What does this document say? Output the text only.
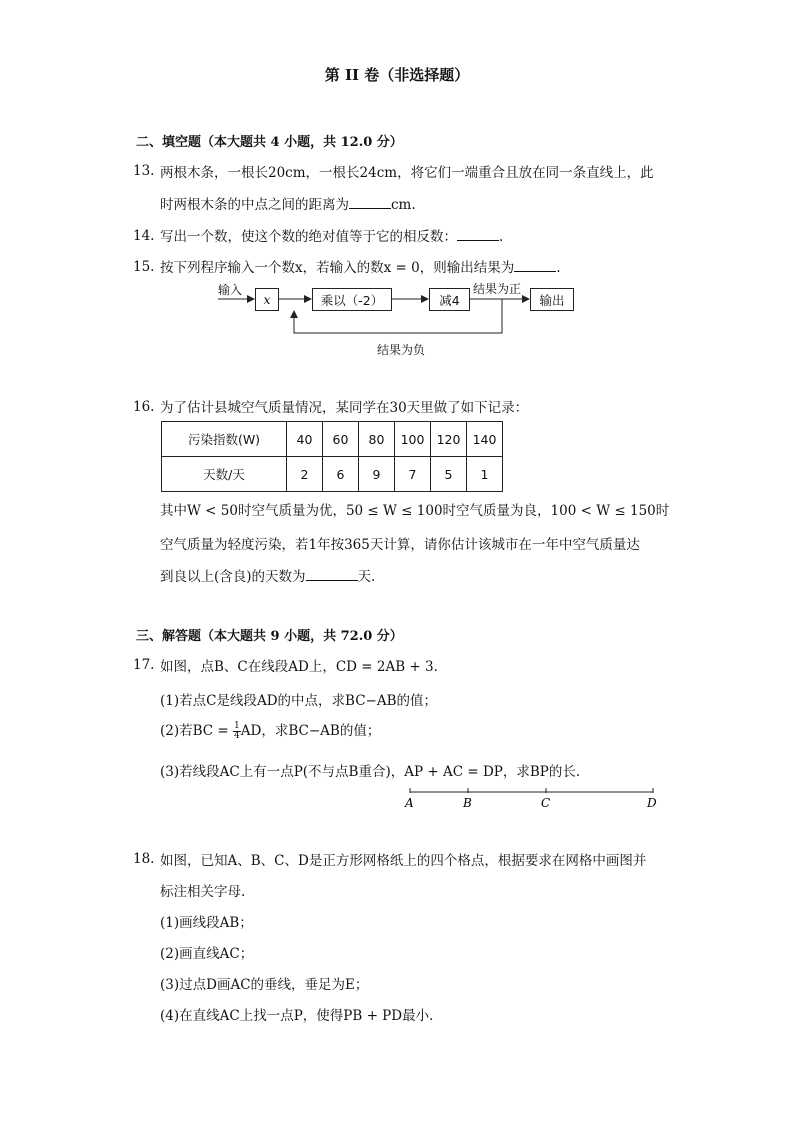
第 II 卷（非选择题）
二、填空题（本大题共 4 小题，共 12.0 分）
13. 两根木条，一根长20cm，一根长24cm，将它们一端重合且放在同一条直线上，此
时两根木条的中点之间的距离为	cm.
14. 写出一个数，使这个数的绝对值等于它的相反数：	.
15. 按下列程序输入一个数x，若输入的数x = 0，则输出结果为	.
输入
x	乘以（-2）	减4
结果为正
输出
结果为负
16. 为了估计县城空气质量情况，某同学在30天里做了如下记录：
污染指数(W)	40	60	80	100	120	140
天数/天	2	6	9	7	5	1
其中W < 50时空气质量为优，50 ≤ W ≤ 100时空气质量为良，100 < W ≤ 150时
空气质量为轻度污染，若1年按365天计算，请你估计该城市在一年中空气质量达
到良以上(含良)的天数为	天.
三、解答题（本大题共 9 小题，共 72.0 分）
17. 如图，点B、C在线段AD上，CD = 2AB + 3.
(1)若点C是线段AD的中点，求BC−AB的值；
(2)若BC = $\frac{1}{4}$ AD，求BC−AB的值；
(3)若线段AC上有一点P(不与点B重合)，AP + AC = DP，求BP的长.
A	B	C	D
18. 如图，已知A、B、C、D是正方形网格纸上的四个格点，根据要求在网格中画图并
标注相关字母.
(1)画线段AB；
(2)画直线AC；
(3)过点D画AC的垂线，垂足为E；
(4)在直线AC上找一点P，使得PB + PD最小.
